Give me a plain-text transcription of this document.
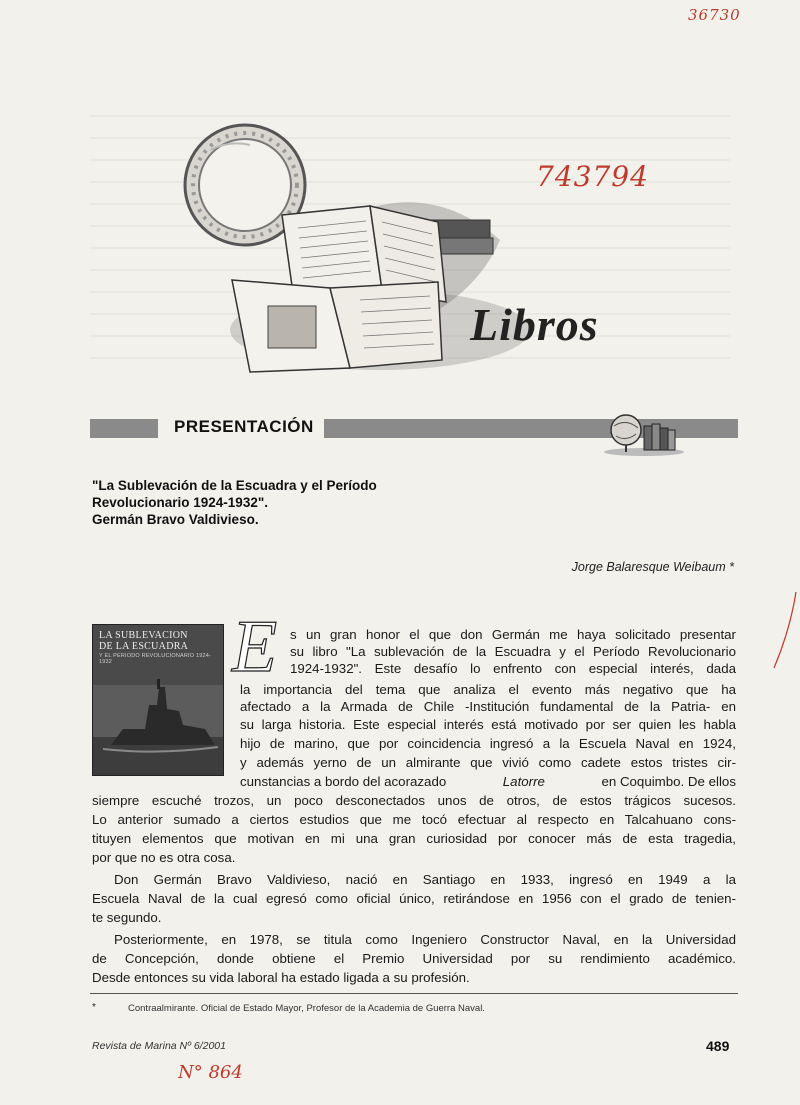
36730
743794
N° 864
Libros
PRESENTACIÓN
"La Sublevación de la Escuadra y el Período
Revolucionario 1924-1932".
Germán Bravo Valdivieso.
Jorge Balaresque Weibaum *
LA SUBLEVACION
DE LA ESCUADRA
Y EL PERIODO REVOLUCIONARIO 1924-1932	E s un gran honor el que don Germán me haya solicitado presentar
su libro "La sublevación de la Escuadra y el Período Revolucionario
1924-1932". Este desafío lo enfrento con especial interés, dada
la importancia del tema que analiza el evento más negativo que ha
afectado a la Armada de Chile -Institución fundamental de la Patria- en
su larga historia. Este especial interés está motivado por ser quien les habla
hijo de marino, que por coincidencia ingresó a la Escuela Naval en 1924,
y además yerno de un almirante que vivió como cadete estos tristes cir-
cunstancias a bordo del acorazado	Latorre	en Coquimbo. De ellos
siempre escuché trozos, un poco desconectados unos de otros, de estos trágicos sucesos.
Lo anterior sumado a ciertos estudios que me tocó efectuar al respecto en Talcahuano cons-
tituyen elementos que motivan en mi una gran curiosidad por conocer más de esta tragedia,
por que no es otra cosa.
Don Germán Bravo Valdivieso, nació en Santiago en 1933, ingresó en 1949 a la
Escuela Naval de la cual egresó como oficial único, retirándose en 1956 con el grado de tenien-
te segundo.
Posteriormente, en 1978, se titula como Ingeniero Constructor Naval, en la Universidad
de Concepción, donde obtiene el Premio Universidad por su rendimiento académico.
Desde entonces su vida laboral ha estado ligada a su profesión.
*	Contraalmirante. Oficial de Estado Mayor, Profesor de la Academia de Guerra Naval.
Revista de Marina Nº 6/2001	489
